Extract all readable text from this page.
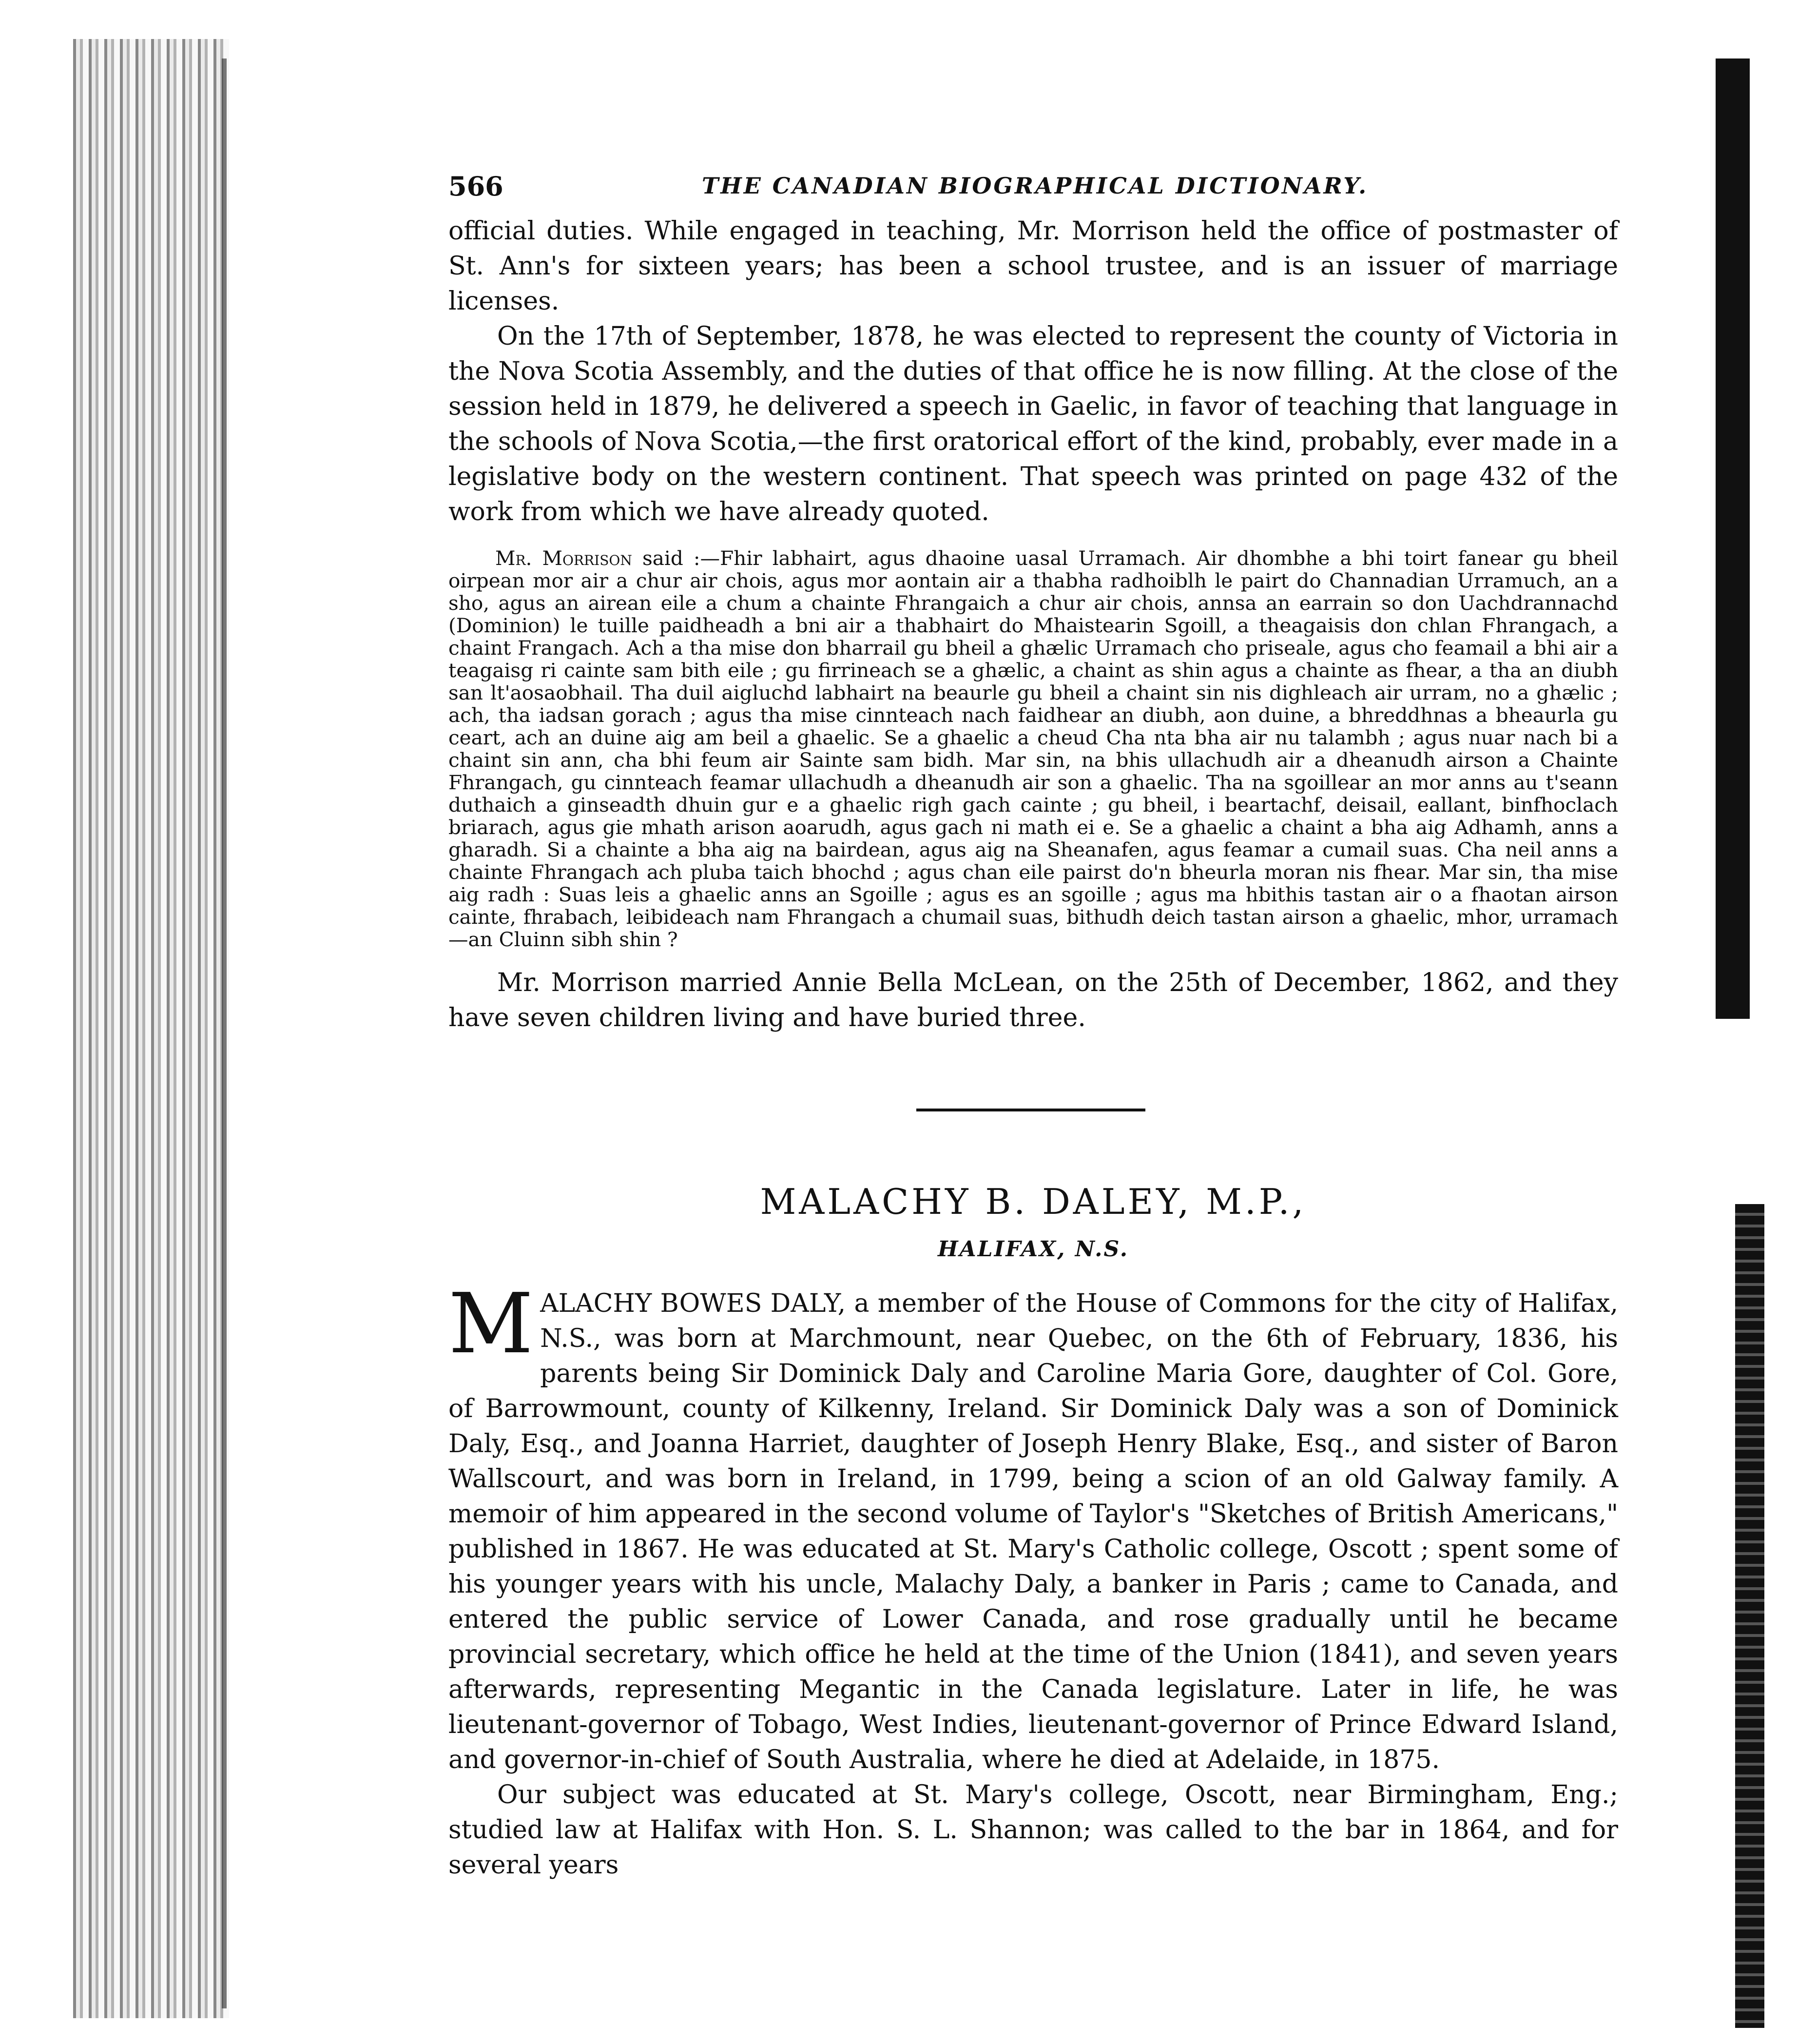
566	THE CANADIAN BIOGRAPHICAL DICTIONARY.

official duties. While engaged in teaching, Mr. Morrison held the office of postmaster of St. Ann's for sixteen years; has been a school trustee, and is an issuer of marriage licenses.

On the 17th of September, 1878, he was elected to represent the county of Victoria in the Nova Scotia Assembly, and the duties of that office he is now filling. At the close of the session held in 1879, he delivered a speech in Gaelic, in favor of teaching that language in the schools of Nova Scotia,—the first oratorical effort of the kind, probably, ever made in a legislative body on the western continent. That speech was printed on page 432 of the work from which we have already quoted.

Mr. Morrison said :—Fhir labhairt, agus dhaoine uasal Urramach. Air dhombhe a bhi toirt fanear gu bheil oirpean mor air a chur air chois, agus mor aontain air a thabha radhoiblh le pairt do Channadian Urramuch, an a sho, agus an airean eile a chum a chainte Fhrangaich a chur air chois, annsa an earrain so don Uachdrannachd (Dominion) le tuille paidheadh a bni air a thabhairt do Mhaistearin Sgoill, a theagaisis don chlan Fhrangach, a chaint Frangach. Ach a tha mise don bharrail gu bheil a ghælic Urramach cho priseale, agus cho feamail a bhi air a teagaisg ri cainte sam bith eile ; gu firrineach se a ghælic, a chaint as shin agus a chainte as fhear, a tha an diubh san lt'aosaobhail. Tha duil aigluchd labhairt na beaurle gu bheil a chaint sin nis dighleach air urram, no a ghælic ; ach, tha iadsan gorach ; agus tha mise cinnteach nach faidhear an diubh, aon duine, a bhreddhnas a bheaurla gu ceart, ach an duine aig am beil a ghaelic. Se a ghaelic a cheud Cha nta bha air nu talambh ; agus nuar nach bi a chaint sin ann, cha bhi feum air Sainte sam bidh. Mar sin, na bhis ullachudh air a dheanudh airson a Chainte Fhrangach, gu cinnteach feamar ullachudh a dheanudh air son a ghaelic. Tha na sgoillear an mor anns au t'seann duthaich a ginseadth dhuin gur e a ghaelic righ gach cainte ; gu bheil, i beartachf, deisail, eallant, binfhoclach briarach, agus gie mhath arison aoarudh, agus gach ni math ei e. Se a ghaelic a chaint a bha aig Adhamh, anns a gharadh. Si a chainte a bha aig na bairdean, agus aig na Sheanafen, agus feamar a cumail suas. Cha neil anns a chainte Fhrangach ach pluba taich bhochd ; agus chan eile pairst do'n bheurla moran nis fhear. Mar sin, tha mise aig radh : Suas leis a ghaelic anns an Sgoille ; agus es an sgoille ; agus ma hbithis tastan air o a fhaotan airson cainte, fhrabach, leibideach nam Fhrangach a chumail suas, bithudh deich tastan airson a ghaelic, mhor, urramach—an Cluinn sibh shin ?

Mr. Morrison married Annie Bella McLean, on the 25th of December, 1862, and they have seven children living and have buried three.

MALACHY B. DALEY, M.P.,
HALIFAX, N.S.

MALACHY BOWES DALY, a member of the House of Commons for the city of Halifax, N.S., was born at Marchmount, near Quebec, on the 6th of February, 1836, his parents being Sir Dominick Daly and Caroline Maria Gore, daughter of Col. Gore, of Barrowmount, county of Kilkenny, Ireland. Sir Dominick Daly was a son of Dominick Daly, Esq., and Joanna Harriet, daughter of Joseph Henry Blake, Esq., and sister of Baron Wallscourt, and was born in Ireland, in 1799, being a scion of an old Galway family. A memoir of him appeared in the second volume of Taylor's "Sketches of British Americans," published in 1867. He was educated at St. Mary's Catholic college, Oscott ; spent some of his younger years with his uncle, Malachy Daly, a banker in Paris ; came to Canada, and entered the public service of Lower Canada, and rose gradually until he became provincial secretary, which office he held at the time of the Union (1841), and seven years afterwards, representing Megantic in the Canada legislature. Later in life, he was lieutenant-governor of Tobago, West Indies, lieutenant-governor of Prince Edward Island, and governor-in-chief of South Australia, where he died at Adelaide, in 1875.

Our subject was educated at St. Mary's college, Oscott, near Birmingham, Eng.; studied law at Halifax with Hon. S. L. Shannon; was called to the bar in 1864, and for several years
